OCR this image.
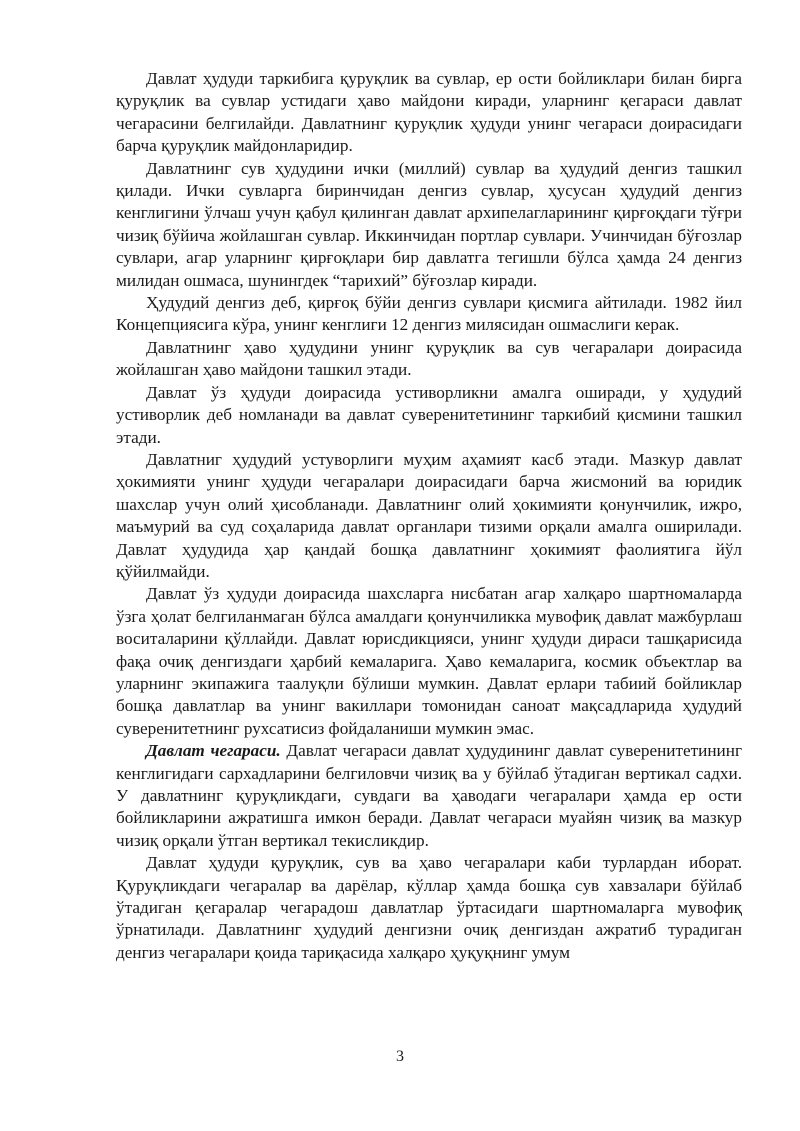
Давлат ҳудуди таркибига қуруқлик ва сувлар, ер ости бойликлари билан бирга қуруқлик ва сувлар устидаги ҳаво майдони киради, уларнинг қегараси давлат чегарасини белгилайди. Давлатнинг қуруқлик ҳудуди унинг чегараси доирасидаги барча қуруқлик майдонларидир.

Давлатнинг сув ҳудудини ички (миллий) сувлар ва ҳудудий денгиз ташкил қилади. Ички сувларга биринчидан денгиз сувлар, ҳусусан ҳудудий денгиз кенглигини ўлчаш учун қабул қилинган давлат архипелагларининг қирғоқдаги тўғри чизиқ бўйича жойлашган сувлар. Иккинчидан портлар сувлари. Учинчидан бўғозлар сувлари, агар уларнинг қирғоқлари бир давлатга тегишли бўлса ҳамда 24 денгиз милидан ошмаса, шунингдек “тарихий” бўғозлар киради.

Ҳудудий денгиз деб, қирғоқ бўйи денгиз сувлари қисмига айтилади. 1982 йил Концепциясига кўра, унинг кенглиги 12 денгиз милясидан ошмаслиги керак.

Давлатнинг ҳаво ҳудудини унинг қуруқлик ва сув чегаралари доирасида жойлашган ҳаво майдони ташкил этади.

Давлат ўз ҳудуди доирасида устиворликни амалга оширади, у ҳудудий устиворлик деб номланади ва давлат суверенитетининг таркибий қисмини ташкил этади.

Давлатниг ҳудудий устуворлиги муҳим аҳамият касб этади. Мазкур давлат ҳокимияти унинг ҳудуди чегаралари доирасидаги барча жисмоний ва юридик шахслар учун олий ҳисобланади. Давлатнинг олий ҳокимияти қонунчилик, ижро, маъмурий ва суд соҳаларида давлат органлари тизими орқали амалга оширилади. Давлат ҳудудида ҳар қандай бошқа давлатнинг ҳокимият фаолиятига йўл қўйилмайди.

Давлат ўз ҳудуди доирасида шахсларга нисбатан агар халқаро шартномаларда ўзга ҳолат белгиланмаган бўлса амалдаги қонунчиликка мувофиқ давлат мажбурлаш воситаларини қўллайди. Давлат юрисдикцияси, унинг ҳудуди дираси ташқарисида фақа очиқ денгиздаги ҳарбий кемаларига. Ҳаво кемаларига, космик объектлар ва уларнинг экипажига таалуқли бўлиши мумкин. Давлат ерлари табиий бойликлар бошқа давлатлар ва унинг вакиллари томонидан саноат мақсадларида ҳудудий суверенитетнинг рухсатисиз фойдаланиши мумкин эмас.

Давлат чегараси. Давлат чегараси давлат ҳудудининг давлат суверенитетининг кенглигидаги сархадларини белгиловчи чизиқ ва у бўйлаб ўтадиган вертикал садхи. У давлатнинг қуруқликдаги, сувдаги ва ҳаводаги чегаралари ҳамда ер ости бойликларини ажратишга имкон беради. Давлат чегараси муайян чизиқ ва мазкур чизиқ орқали ўтган вертикал текисликдир.

Давлат ҳудуди қуруқлик, сув ва ҳаво чегаралари каби турлардан иборат. Қуруқликдаги чегаралар ва дарёлар, кўллар ҳамда бошқа сув хавзалари бўйлаб ўтадиган қегаралар чегарадош давлатлар ўртасидаги шартномаларга мувофиқ ўрнатилади. Давлатнинг ҳудудий денгизни очиқ денгиздан ажратиб турадиган денгиз чегаралари қоида тариқасида халқаро ҳуқуқнинг умум

3
